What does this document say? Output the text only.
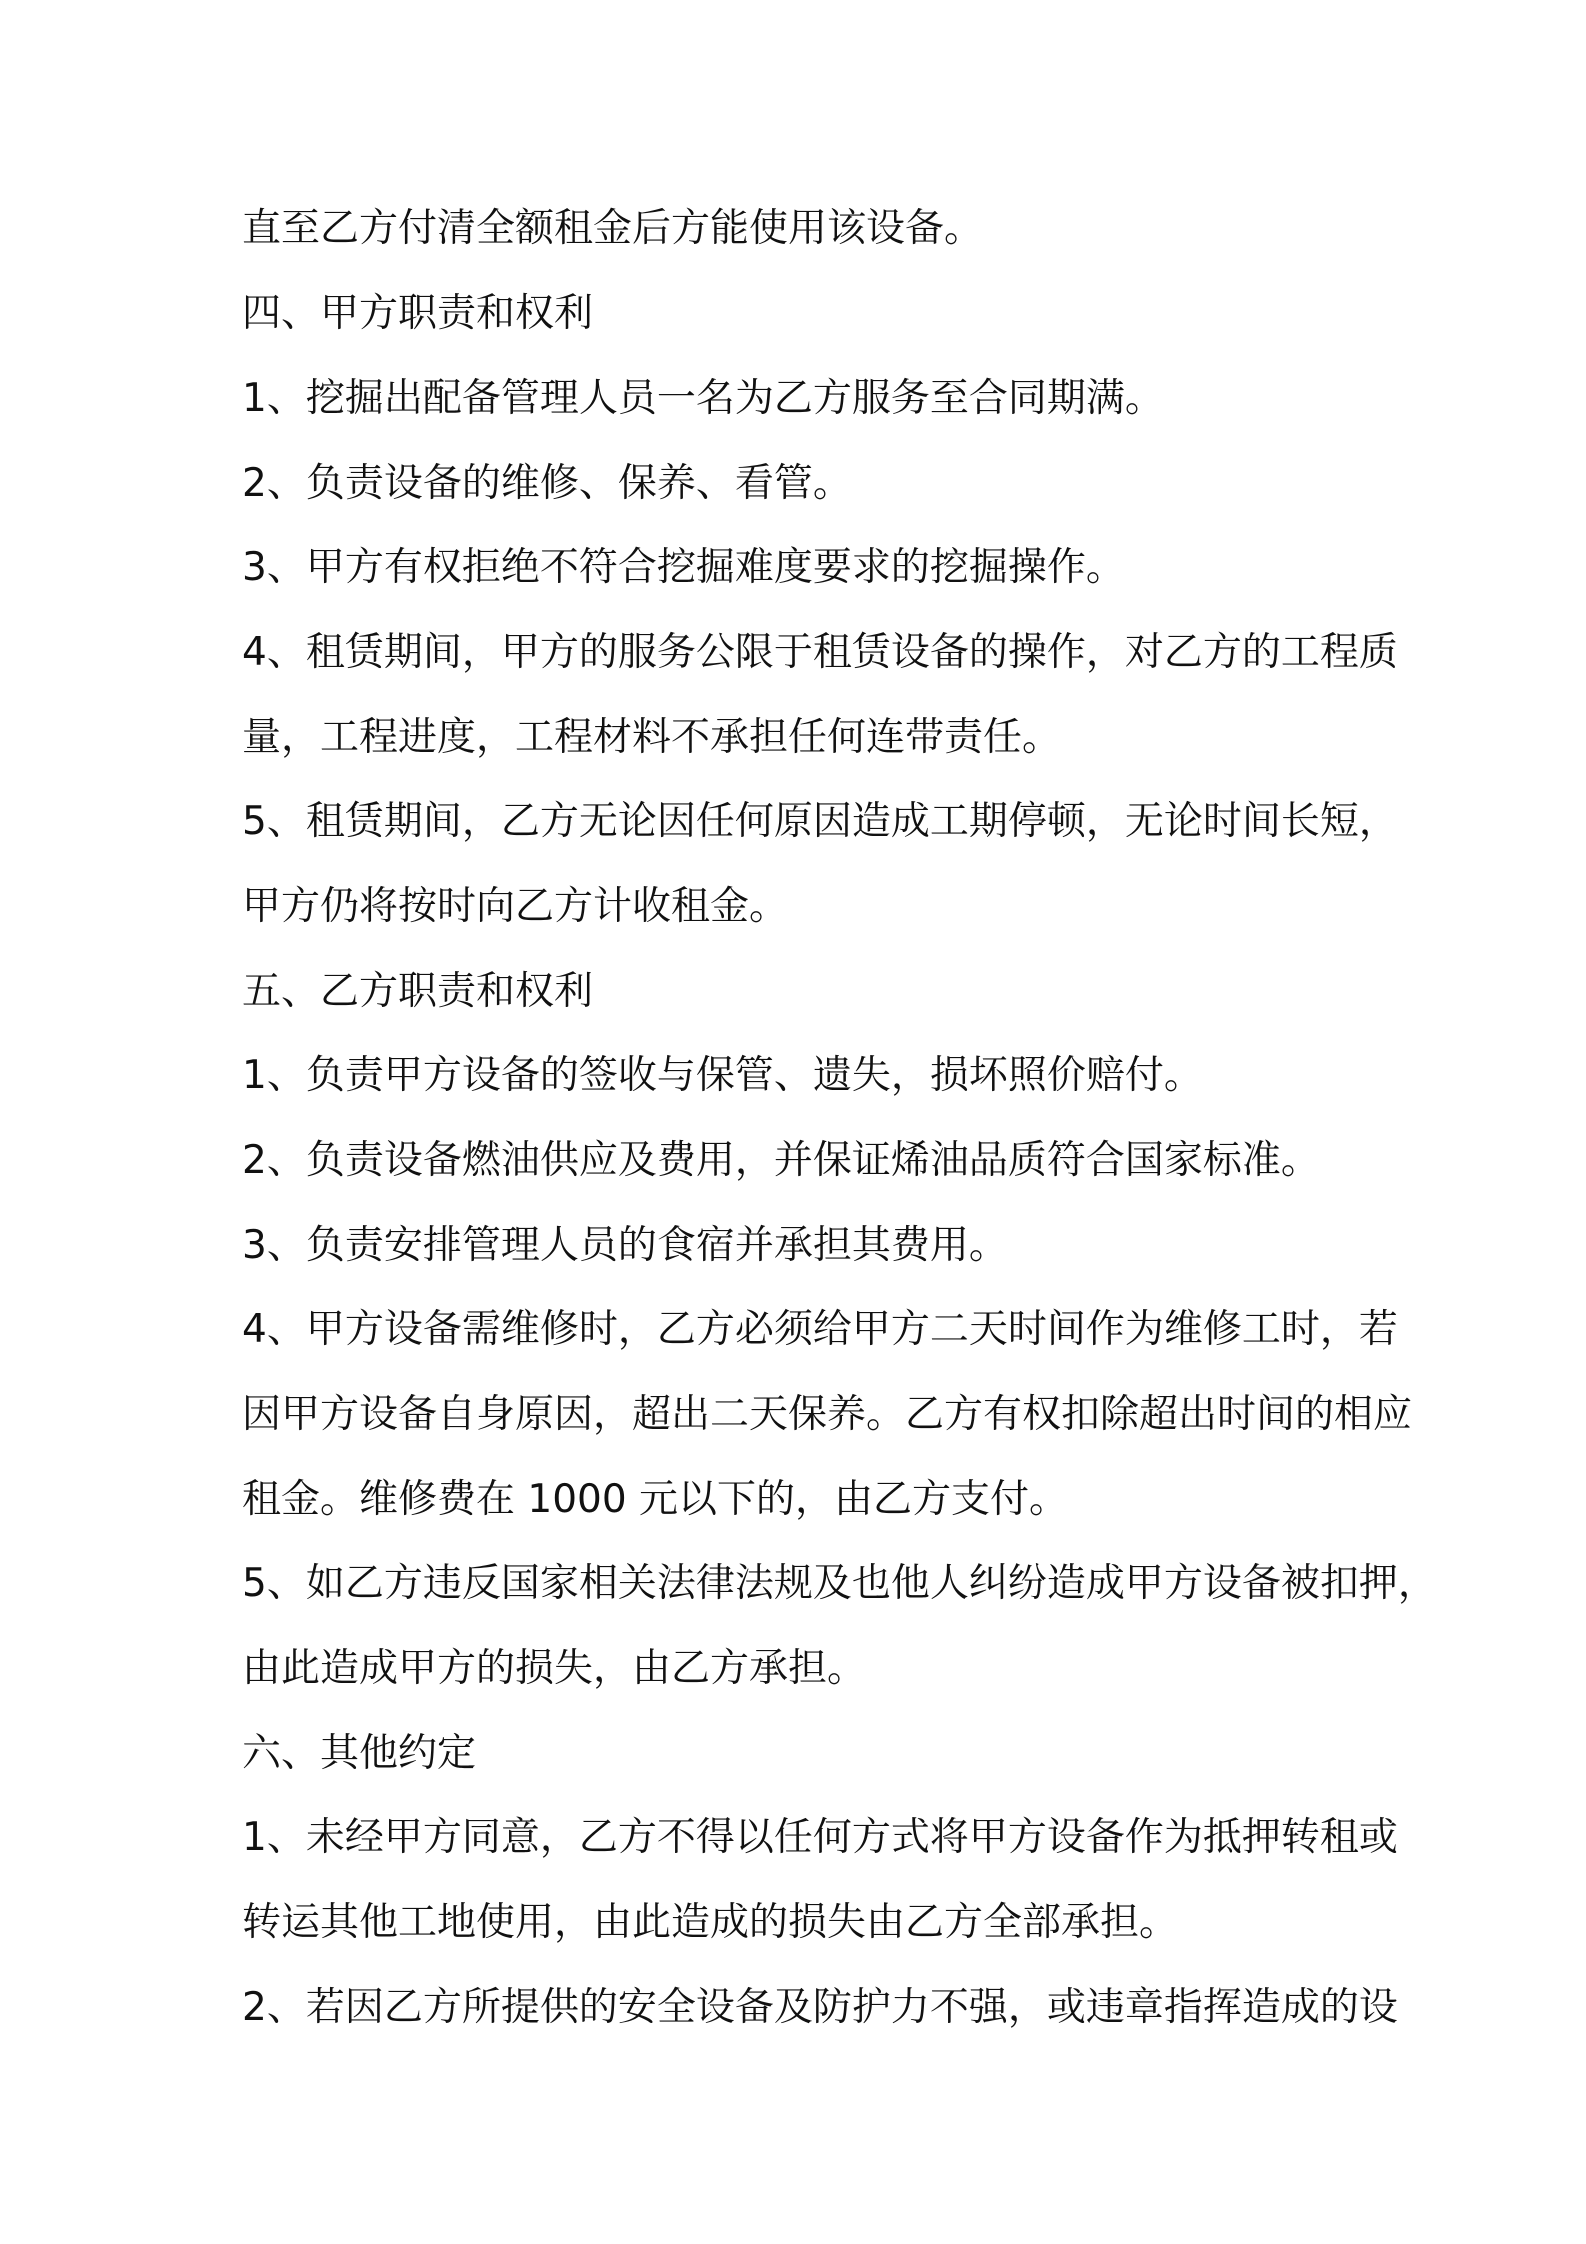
直至乙方付清全额租金后方能使用该设备。
四、甲方职责和权利
1、挖掘出配备管理人员一名为乙方服务至合同期满。
2、负责设备的维修、保养、看管。
3、甲方有权拒绝不符合挖掘难度要求的挖掘操作。
4、租赁期间，甲方的服务公限于租赁设备的操作，对乙方的工程质
量，工程进度，工程材料不承担任何连带责任。
5、租赁期间，乙方无论因任何原因造成工期停顿，无论时间长短，
甲方仍将按时向乙方计收租金。
五、乙方职责和权利
1、负责甲方设备的签收与保管、遗失，损坏照价赔付。
2、负责设备燃油供应及费用，并保证烯油品质符合国家标准。
3、负责安排管理人员的食宿并承担其费用。
4、甲方设备需维修时，乙方必须给甲方二天时间作为维修工时，若
因甲方设备自身原因，超出二天保养。乙方有权扣除超出时间的相应
租金。维修费在 1000 元以下的，由乙方支付。
5、如乙方违反国家相关法律法规及也他人纠纷造成甲方设备被扣押，
由此造成甲方的损失，由乙方承担。
六、其他约定
1、未经甲方同意，乙方不得以任何方式将甲方设备作为抵押转租或
转运其他工地使用，由此造成的损失由乙方全部承担。
2、若因乙方所提供的安全设备及防护力不强，或违章指挥造成的设
